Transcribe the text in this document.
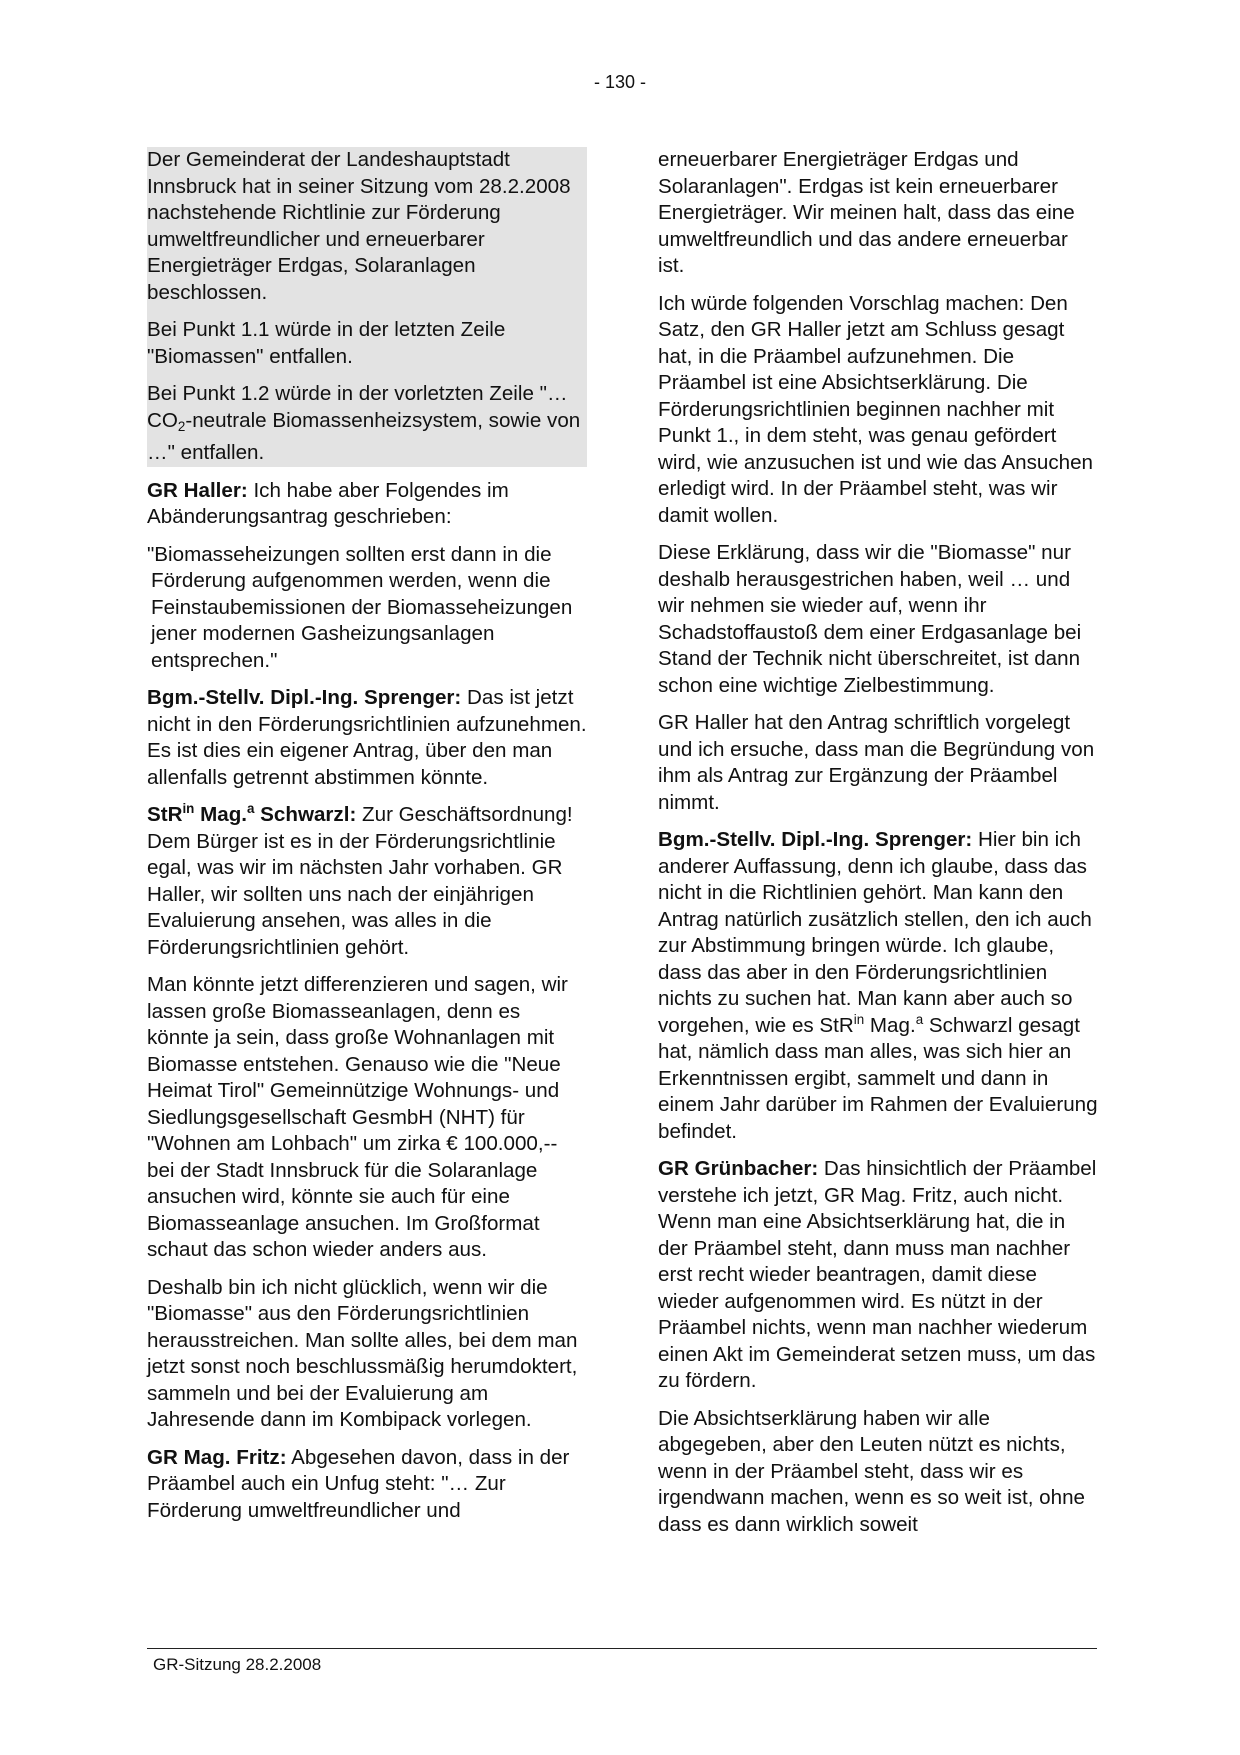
- 130 -

Der Gemeinderat der Landeshauptstadt Innsbruck hat in seiner Sitzung vom 28.2.2008 nachstehende Richtlinie zur Förderung umweltfreundlicher und erneuerbarer Energieträger Erdgas, Solaranlagen beschlossen.

Bei Punkt 1.1 würde in der letzten Zeile "Biomassen" entfallen.

Bei Punkt 1.2 würde in der vorletzten Zeile "… $CO_2$-neutrale Biomassenheizsystem, sowie von …" entfallen.

GR Haller: Ich habe aber Folgendes im Abänderungsantrag geschrieben:

"Biomasseheizungen sollten erst dann in die Förderung aufgenommen werden, wenn die Feinstaubemissionen der Biomasseheizungen jener modernen Gasheizungsanlagen entsprechen."

Bgm.-Stellv. Dipl.-Ing. Sprenger: Das ist jetzt nicht in den Förderungsrichtlinien aufzunehmen. Es ist dies ein eigener Antrag, über den man allenfalls getrennt abstimmen könnte.

StR$^{in}$ Mag.$^a$ Schwarzl: Zur Geschäftsordnung! Dem Bürger ist es in der Förderungsrichtlinie egal, was wir im nächsten Jahr vorhaben. GR Haller, wir sollten uns nach der einjährigen Evaluierung ansehen, was alles in die Förderungsrichtlinien gehört.

Man könnte jetzt differenzieren und sagen, wir lassen große Biomasseanlagen, denn es könnte ja sein, dass große Wohnanlagen mit Biomasse entstehen. Genauso wie die "Neue Heimat Tirol" Gemeinnützige Wohnungs- und Siedlungsgesellschaft GesmbH (NHT) für "Wohnen am Lohbach" um zirka € 100.000,-- bei der Stadt Innsbruck für die Solaranlage ansuchen wird, könnte sie auch für eine Biomasseanlage ansuchen. Im Großformat schaut das schon wieder anders aus.

Deshalb bin ich nicht glücklich, wenn wir die "Biomasse" aus den Förderungsrichtlinien herausstreichen. Man sollte alles, bei dem man jetzt sonst noch beschlussmäßig herumdoktert, sammeln und bei der Evaluierung am Jahresende dann im Kombipack vorlegen.

GR Mag. Fritz: Abgesehen davon, dass in der Präambel auch ein Unfug steht: "… Zur Förderung umweltfreundlicher und

erneuerbarer Energieträger Erdgas und Solaranlagen". Erdgas ist kein erneuerbarer Energieträger. Wir meinen halt, dass das eine umweltfreundlich und das andere erneuerbar ist.

Ich würde folgenden Vorschlag machen: Den Satz, den GR Haller jetzt am Schluss gesagt hat, in die Präambel aufzunehmen. Die Präambel ist eine Absichtserklärung. Die Förderungsrichtlinien beginnen nachher mit Punkt 1., in dem steht, was genau gefördert wird, wie anzusuchen ist und wie das Ansuchen erledigt wird. In der Präambel steht, was wir damit wollen.

Diese Erklärung, dass wir die "Biomasse" nur deshalb herausgestrichen haben, weil … und wir nehmen sie wieder auf, wenn ihr Schadstoffaustoß dem einer Erdgasanlage bei Stand der Technik nicht überschreitet, ist dann schon eine wichtige Zielbestimmung.

GR Haller hat den Antrag schriftlich vorgelegt und ich ersuche, dass man die Begründung von ihm als Antrag zur Ergänzung der Präambel nimmt.

Bgm.-Stellv. Dipl.-Ing. Sprenger: Hier bin ich anderer Auffassung, denn ich glaube, dass das nicht in die Richtlinien gehört. Man kann den Antrag natürlich zusätzlich stellen, den ich auch zur Abstimmung bringen würde. Ich glaube, dass das aber in den Förderungsrichtlinien nichts zu suchen hat. Man kann aber auch so vorgehen, wie es StR$^{in}$ Mag.$^a$ Schwarzl gesagt hat, nämlich dass man alles, was sich hier an Erkenntnissen ergibt, sammelt und dann in einem Jahr darüber im Rahmen der Evaluierung befindet.

GR Grünbacher: Das hinsichtlich der Präambel verstehe ich jetzt, GR Mag. Fritz, auch nicht. Wenn man eine Absichtserklärung hat, die in der Präambel steht, dann muss man nachher erst recht wieder beantragen, damit diese wieder aufgenommen wird. Es nützt in der Präambel nichts, wenn man nachher wiederum einen Akt im Gemeinderat setzen muss, um das zu fördern.

Die Absichtserklärung haben wir alle abgegeben, aber den Leuten nützt es nichts, wenn in der Präambel steht, dass wir es irgendwann machen, wenn es so weit ist, ohne dass es dann wirklich soweit

GR-Sitzung 28.2.2008
